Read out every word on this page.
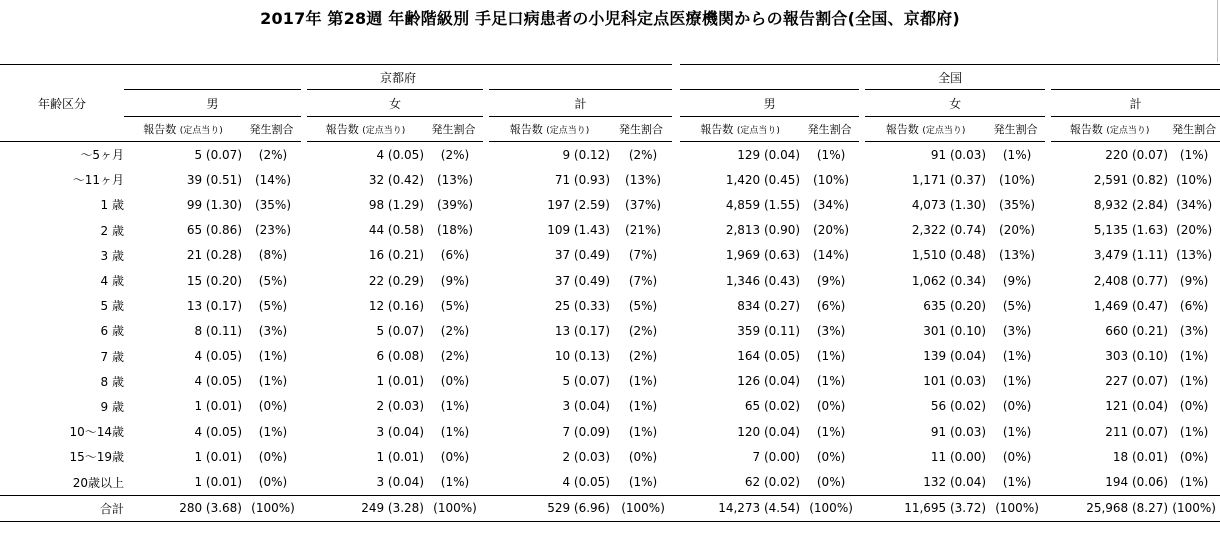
2017年 第28週 年齢階級別 手足口病患者の小児科定点医療機関からの報告割合(全国、京都府)
年齢区分	京都府						全国					
	男		女		計		男		女		計	
	報告数 (定点当り)	発生割合	報告数 (定点当り)	発生割合	報告数 (定点当り)	発生割合	報告数 (定点当り)	発生割合	報告数 (定点当り)	発生割合	報告数 (定点当り)	発生割合
〜5ヶ月	5 (0.07)	(2%)	4 (0.05)	(2%)	9 (0.12)	(2%)	129 (0.04)	(1%)	91 (0.03)	(1%)	220 (0.07)	(1%)
〜11ヶ月	39 (0.51)	(14%)	32 (0.42)	(13%)	71 (0.93)	(13%)	1,420 (0.45)	(10%)	1,171 (0.37)	(10%)	2,591 (0.82)	(10%)
1 歳	99 (1.30)	(35%)	98 (1.29)	(39%)	197 (2.59)	(37%)	4,859 (1.55)	(34%)	4,073 (1.30)	(35%)	8,932 (2.84)	(34%)
2 歳	65 (0.86)	(23%)	44 (0.58)	(18%)	109 (1.43)	(21%)	2,813 (0.90)	(20%)	2,322 (0.74)	(20%)	5,135 (1.63)	(20%)
3 歳	21 (0.28)	(8%)	16 (0.21)	(6%)	37 (0.49)	(7%)	1,969 (0.63)	(14%)	1,510 (0.48)	(13%)	3,479 (1.11)	(13%)
4 歳	15 (0.20)	(5%)	22 (0.29)	(9%)	37 (0.49)	(7%)	1,346 (0.43)	(9%)	1,062 (0.34)	(9%)	2,408 (0.77)	(9%)
5 歳	13 (0.17)	(5%)	12 (0.16)	(5%)	25 (0.33)	(5%)	834 (0.27)	(6%)	635 (0.20)	(5%)	1,469 (0.47)	(6%)
6 歳	8 (0.11)	(3%)	5 (0.07)	(2%)	13 (0.17)	(2%)	359 (0.11)	(3%)	301 (0.10)	(3%)	660 (0.21)	(3%)
7 歳	4 (0.05)	(1%)	6 (0.08)	(2%)	10 (0.13)	(2%)	164 (0.05)	(1%)	139 (0.04)	(1%)	303 (0.10)	(1%)
8 歳	4 (0.05)	(1%)	1 (0.01)	(0%)	5 (0.07)	(1%)	126 (0.04)	(1%)	101 (0.03)	(1%)	227 (0.07)	(1%)
9 歳	1 (0.01)	(0%)	2 (0.03)	(1%)	3 (0.04)	(1%)	65 (0.02)	(0%)	56 (0.02)	(0%)	121 (0.04)	(0%)
10〜14歳	4 (0.05)	(1%)	3 (0.04)	(1%)	7 (0.09)	(1%)	120 (0.04)	(1%)	91 (0.03)	(1%)	211 (0.07)	(1%)
15〜19歳	1 (0.01)	(0%)	1 (0.01)	(0%)	2 (0.03)	(0%)	7 (0.00)	(0%)	11 (0.00)	(0%)	18 (0.01)	(0%)
20歳以上	1 (0.01)	(0%)	3 (0.04)	(1%)	4 (0.05)	(1%)	62 (0.02)	(0%)	132 (0.04)	(1%)	194 (0.06)	(1%)
合計	280 (3.68)	(100%)	249 (3.28)	(100%)	529 (6.96)	(100%)	14,273 (4.54)	(100%)	11,695 (3.72)	(100%)	25,968 (8.27)	(100%)
